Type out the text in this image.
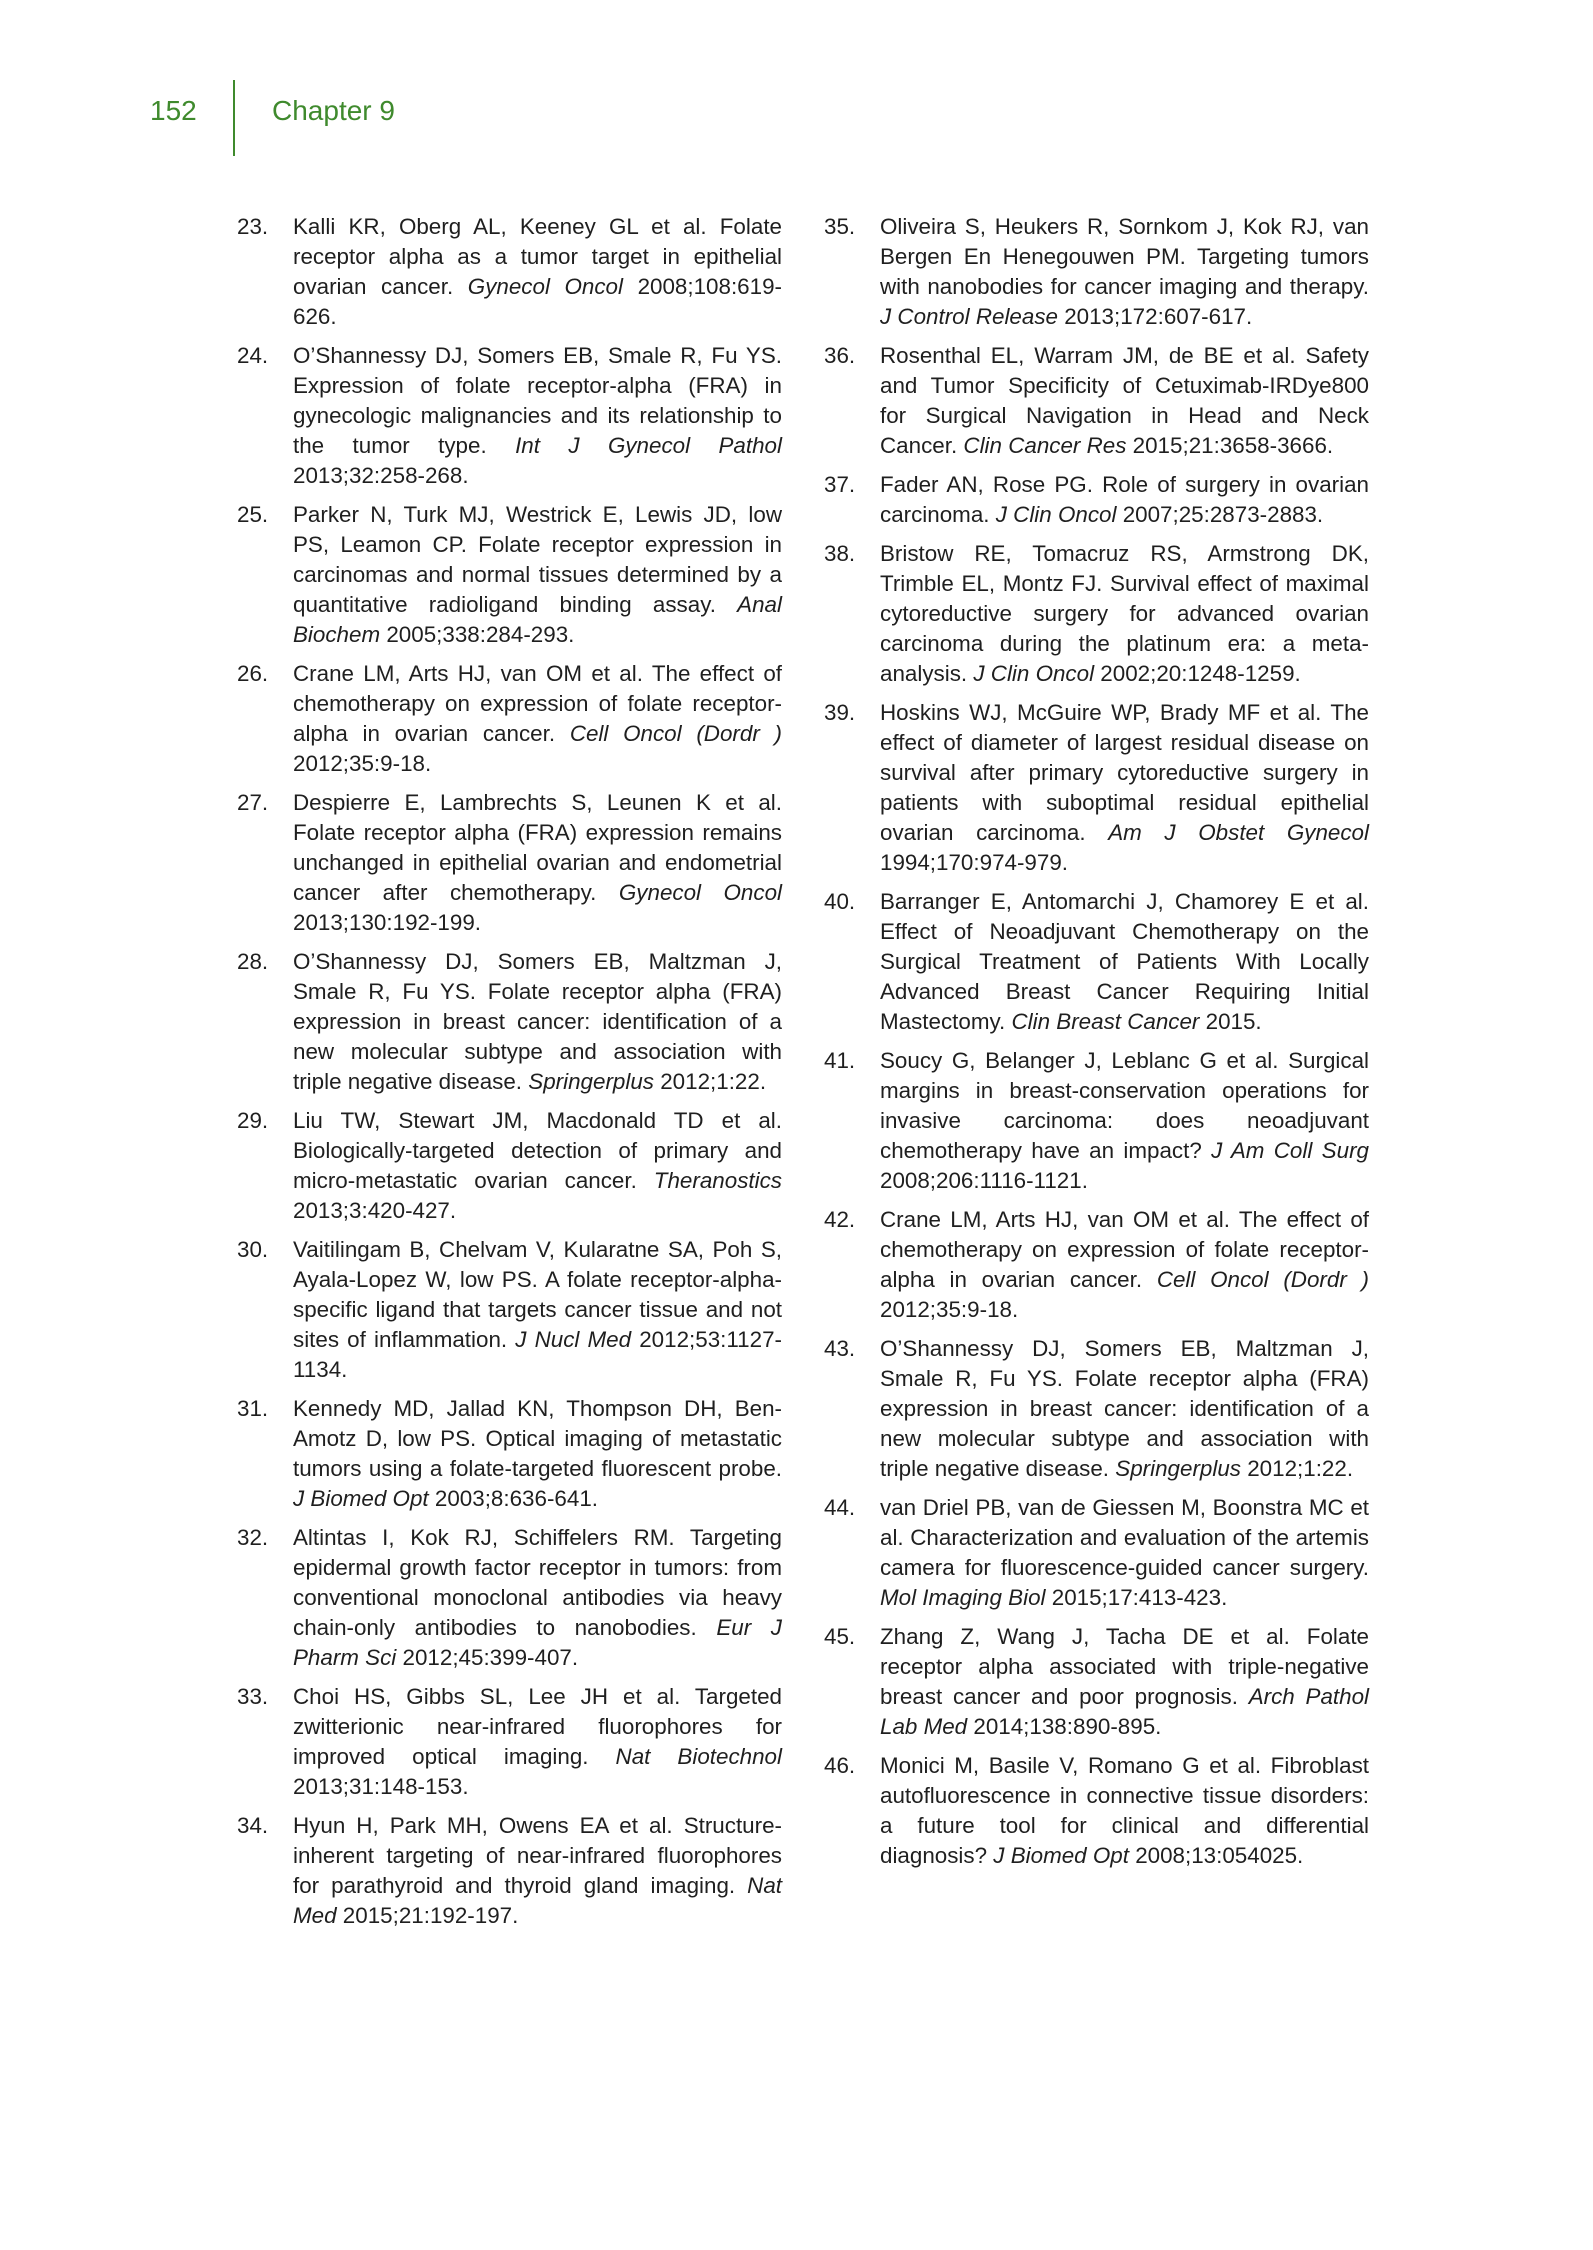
152	Chapter 9
23.	Kalli KR, Oberg AL, Keeney GL et al. Folate receptor alpha as a tumor target in epithelial ovarian cancer. Gynecol Oncol 2008;108:619-626.
24.	O’Shannessy DJ, Somers EB, Smale R, Fu YS. Expression of folate receptor-alpha (FRA) in gynecologic malignancies and its relationship to the tumor type. Int J Gynecol Pathol 2013;32:258-268.
25.	Parker N, Turk MJ, Westrick E, Lewis JD, low PS, Leamon CP. Folate receptor expression in carcinomas and normal tissues determined by a quantitative radioligand binding assay. Anal Biochem 2005;338:284-293.
26.	Crane LM, Arts HJ, van OM et al. The effect of chemotherapy on expression of folate receptor-alpha in ovarian cancer. Cell Oncol (Dordr ) 2012;35:9-18.
27.	Despierre E, Lambrechts S, Leunen K et al. Folate receptor alpha (FRA) expression remains unchanged in epithelial ovarian and endometrial cancer after chemotherapy. Gynecol Oncol 2013;130:192-199.
28.	O’Shannessy DJ, Somers EB, Maltzman J, Smale R, Fu YS. Folate receptor alpha (FRA) expression in breast cancer: identification of a new molecular subtype and association with triple negative disease. Springerplus 2012;1:22.
29.	Liu TW, Stewart JM, Macdonald TD et al. Biologically-targeted detection of primary and micro-metastatic ovarian cancer. Theranostics 2013;3:420-427.
30.	Vaitilingam B, Chelvam V, Kularatne SA, Poh S, Ayala-Lopez W, low PS. A folate receptor-alpha-specific ligand that targets cancer tissue and not sites of inflammation. J Nucl Med 2012;53:1127-1134.
31.	Kennedy MD, Jallad KN, Thompson DH, Ben-Amotz D, low PS. Optical imaging of metastatic tumors using a folate-targeted fluorescent probe. J Biomed Opt 2003;8:636-641.
32.	Altintas I, Kok RJ, Schiffelers RM. Targeting epidermal growth factor receptor in tumors: from conventional monoclonal antibodies via heavy chain-only antibodies to nanobodies. Eur J Pharm Sci 2012;45:399-407.
33.	Choi HS, Gibbs SL, Lee JH et al. Targeted zwitterionic near-infrared fluorophores for improved optical imaging. Nat Biotechnol 2013;31:148-153.
34.	Hyun H, Park MH, Owens EA et al. Structure-inherent targeting of near-infrared fluorophores for parathyroid and thyroid gland imaging. Nat Med 2015;21:192-197.
35.	Oliveira S, Heukers R, Sornkom J, Kok RJ, van Bergen En Henegouwen PM. Targeting tumors with nanobodies for cancer imaging and therapy. J Control Release 2013;172:607-617.
36.	Rosenthal EL, Warram JM, de BE et al. Safety and Tumor Specificity of Cetuximab-IRDye800 for Surgical Navigation in Head and Neck Cancer. Clin Cancer Res 2015;21:3658-3666.
37.	Fader AN, Rose PG. Role of surgery in ovarian carcinoma. J Clin Oncol 2007;25:2873-2883.
38.	Bristow RE, Tomacruz RS, Armstrong DK, Trimble EL, Montz FJ. Survival effect of maximal cytoreductive surgery for advanced ovarian carcinoma during the platinum era: a meta-analysis. J Clin Oncol 2002;20:1248-1259.
39.	Hoskins WJ, McGuire WP, Brady MF et al. The effect of diameter of largest residual disease on survival after primary cytoreductive surgery in patients with suboptimal residual epithelial ovarian carcinoma. Am J Obstet Gynecol 1994;170:974-979.
40.	Barranger E, Antomarchi J, Chamorey E et al. Effect of Neoadjuvant Chemotherapy on the Surgical Treatment of Patients With Locally Advanced Breast Cancer Requiring Initial Mastectomy. Clin Breast Cancer 2015.
41.	Soucy G, Belanger J, Leblanc G et al. Surgical margins in breast-conservation operations for invasive carcinoma: does neoadjuvant chemotherapy have an impact? J Am Coll Surg 2008;206:1116-1121.
42.	Crane LM, Arts HJ, van OM et al. The effect of chemotherapy on expression of folate receptor-alpha in ovarian cancer. Cell Oncol (Dordr ) 2012;35:9-18.
43.	O’Shannessy DJ, Somers EB, Maltzman J, Smale R, Fu YS. Folate receptor alpha (FRA) expression in breast cancer: identification of a new molecular subtype and association with triple negative disease. Springerplus 2012;1:22.
44.	van Driel PB, van de Giessen M, Boonstra MC et al. Characterization and evaluation of the artemis camera for fluorescence-guided cancer surgery. Mol Imaging Biol 2015;17:413-423.
45.	Zhang Z, Wang J, Tacha DE et al. Folate receptor alpha associated with triple-negative breast cancer and poor prognosis. Arch Pathol Lab Med 2014;138:890-895.
46.	Monici M, Basile V, Romano G et al. Fibroblast autofluorescence in connective tissue disorders: a future tool for clinical and differential diagnosis? J Biomed Opt 2008;13:054025.
